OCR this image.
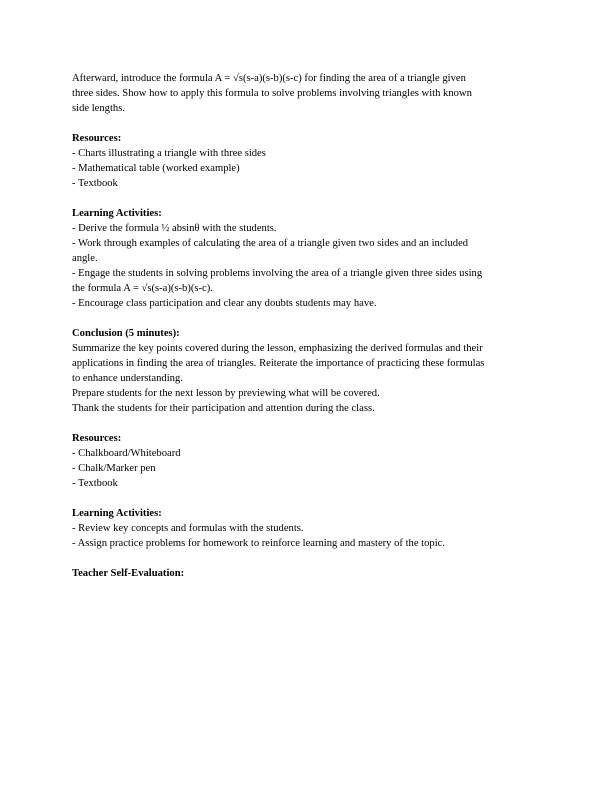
Afterward, introduce the formula A = √s(s-a)(s-b)(s-c) for finding the area of a triangle given
three sides. Show how to apply this formula to solve problems involving triangles with known
side lengths.
Resources:
- Charts illustrating a triangle with three sides
- Mathematical table (worked example)
- Textbook
Learning Activities:
- Derive the formula ½ absinθ with the students.
- Work through examples of calculating the area of a triangle given two sides and an included
angle.
- Engage the students in solving problems involving the area of a triangle given three sides using
the formula A = √s(s-a)(s-b)(s-c).
- Encourage class participation and clear any doubts students may have.
Conclusion (5 minutes):
Summarize the key points covered during the lesson, emphasizing the derived formulas and their
applications in finding the area of triangles. Reiterate the importance of practicing these formulas
to enhance understanding.
Prepare students for the next lesson by previewing what will be covered.
Thank the students for their participation and attention during the class.
Resources:
- Chalkboard/Whiteboard
- Chalk/Marker pen
- Textbook
Learning Activities:
- Review key concepts and formulas with the students.
- Assign practice problems for homework to reinforce learning and mastery of the topic.
Teacher Self-Evaluation:
